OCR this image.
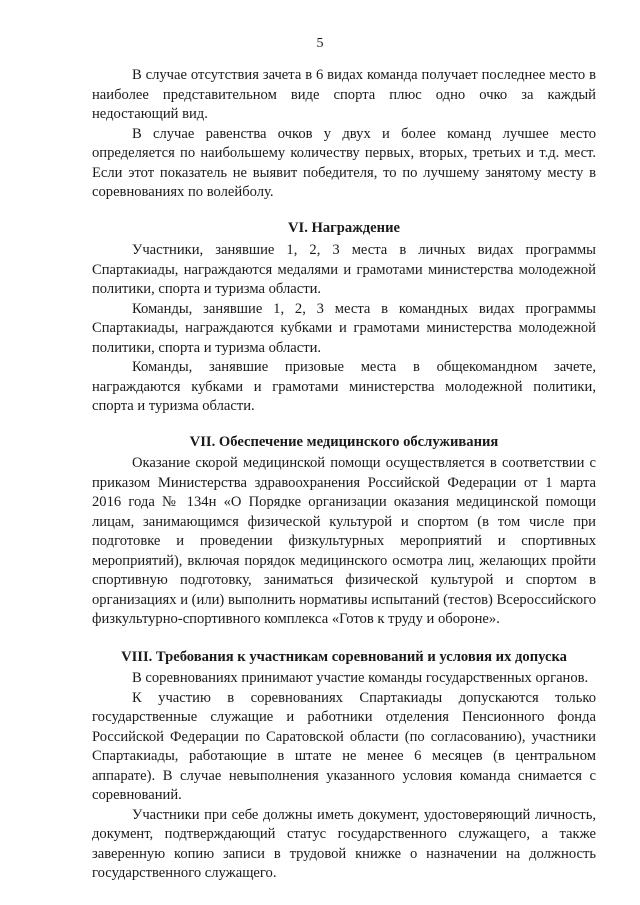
5

В случае отсутствия зачета в 6 видах команда получает последнее место в наиболее представительном виде спорта плюс одно очко за каждый недостающий вид.

В случае равенства очков у двух и более команд лучшее место определяется по наибольшему количеству первых, вторых, третьих и т.д. мест. Если этот показатель не выявит победителя, то по лучшему занятому месту в соревнованиях по волейболу.

VI. Награждение

Участники, занявшие 1, 2, 3 места в личных видах программы Спартакиады, награждаются медалями и грамотами министерства молодежной политики, спорта и туризма области.

Команды, занявшие 1, 2, 3 места в командных видах программы Спартакиады, награждаются кубками и грамотами министерства молодежной политики, спорта и туризма области.

Команды, занявшие призовые места в общекомандном зачете, награждаются кубками и грамотами министерства молодежной политики, спорта и туризма области.

VII. Обеспечение медицинского обслуживания

Оказание скорой медицинской помощи осуществляется в соответствии с приказом Министерства здравоохранения Российской Федерации от 1 марта 2016 года № 134н «О Порядке организации оказания медицинской помощи лицам, занимающимся физической культурой и спортом (в том числе при подготовке и проведении физкультурных мероприятий и спортивных мероприятий), включая порядок медицинского осмотра лиц, желающих пройти спортивную подготовку, заниматься физической культурой и спортом в организациях и (или) выполнить нормативы испытаний (тестов) Всероссийского физкультурно-спортивного комплекса «Готов к труду и обороне».

VIII. Требования к участникам соревнований и условия их допуска

В соревнованиях принимают участие команды государственных органов.

К участию в соревнованиях Спартакиады допускаются только государственные служащие и работники отделения Пенсионного фонда Российской Федерации по Саратовской области (по согласованию), участники Спартакиады, работающие в штате не менее 6 месяцев (в центральном аппарате). В случае невыполнения указанного условия команда снимается с соревнований.

Участники при себе должны иметь документ, удостоверяющий личность, документ, подтверждающий статус государственного служащего, а также заверенную копию записи в трудовой книжке о назначении на должность государственного служащего.
